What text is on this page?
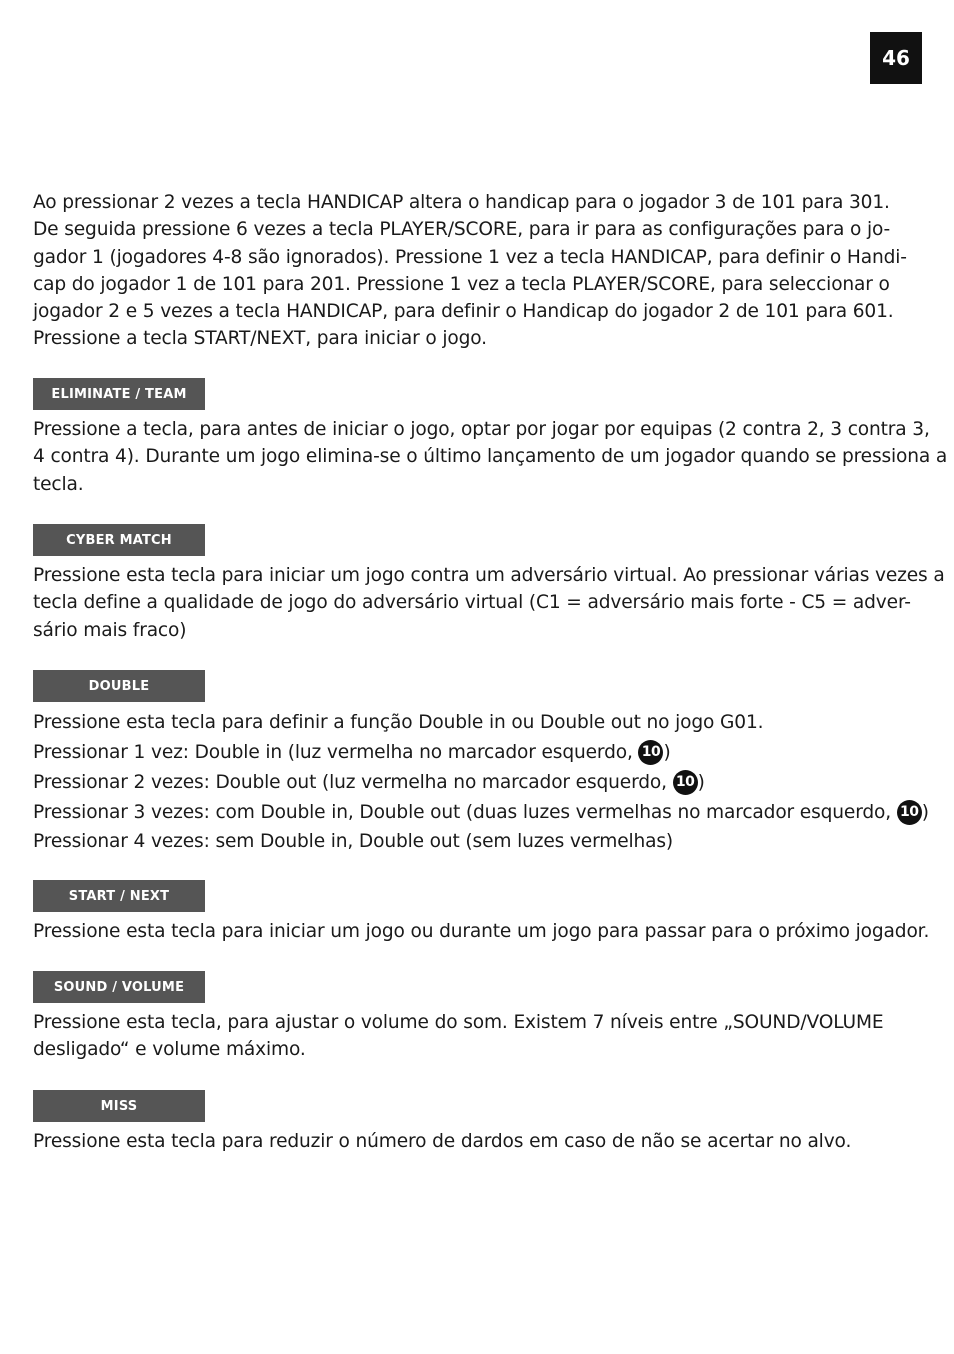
46

Ao pressionar 2 vezes a tecla HANDICAP altera o handicap para o jogador 3 de 101 para 301.
De seguida pressione 6 vezes a tecla PLAYER/SCORE, para ir para as configurações para o jo-
gador 1 (jogadores 4-8 são ignorados). Pressione 1 vez a tecla HANDICAP, para definir o Handi-
cap do jogador 1 de 101 para 201. Pressione 1 vez a tecla PLAYER/SCORE, para seleccionar o
jogador 2 e 5 vezes a tecla HANDICAP, para definir o Handicap do jogador 2 de 101 para 601.
Pressione a tecla START/NEXT, para iniciar o jogo.

ELIMINATE / TEAM

Pressione a tecla, para antes de iniciar o jogo, optar por jogar por equipas (2 contra 2, 3 contra 3,
4 contra 4). Durante um jogo elimina-se o último lançamento de um jogador quando se pressiona a
tecla.

CYBER MATCH

Pressione esta tecla para iniciar um jogo contra um adversário virtual. Ao pressionar várias vezes a
tecla define a qualidade de jogo do adversário virtual (C1 = adversário mais forte - C5 = adver-
sário mais fraco)

DOUBLE

Pressione esta tecla para definir a função Double in ou Double out no jogo G01.
Pressionar 1 vez: Double in (luz vermelha no marcador esquerdo, 10 )
Pressionar 2 vezes: Double out (luz vermelha no marcador esquerdo, 10 )
Pressionar 3 vezes: com Double in, Double out (duas luzes vermelhas no marcador esquerdo, 10 )
Pressionar 4 vezes: sem Double in, Double out (sem luzes vermelhas)

START / NEXT

Pressione esta tecla para iniciar um jogo ou durante um jogo para passar para o próximo jogador.

SOUND / VOLUME

Pressione esta tecla, para ajustar o volume do som. Existem 7 níveis entre „SOUND/VOLUME
desligado“ e volume máximo.

MISS

Pressione esta tecla para reduzir o número de dardos em caso de não se acertar no alvo.
